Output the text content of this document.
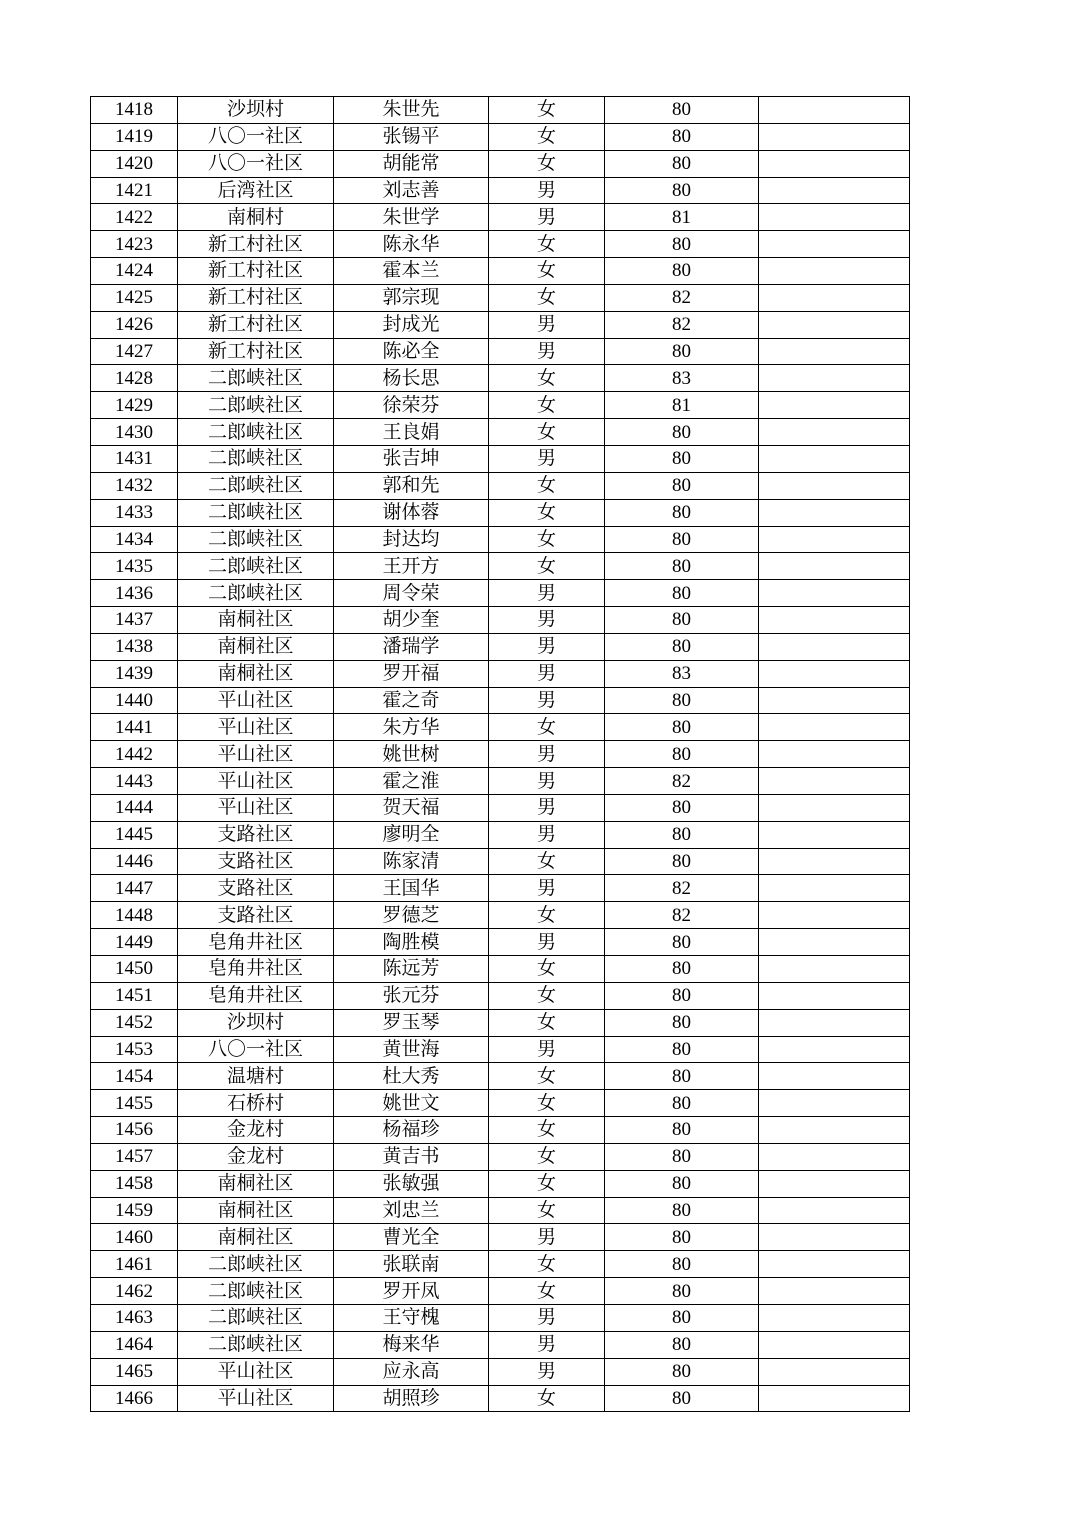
1418	沙坝村	朱世先	女	80	
1419	八〇一社区	张锡平	女	80	
1420	八〇一社区	胡能常	女	80	
1421	后湾社区	刘志善	男	80	
1422	南桐村	朱世学	男	81	
1423	新工村社区	陈永华	女	80	
1424	新工村社区	霍本兰	女	80	
1425	新工村社区	郭宗现	女	82	
1426	新工村社区	封成光	男	82	
1427	新工村社区	陈必全	男	80	
1428	二郎峡社区	杨长思	女	83	
1429	二郎峡社区	徐荣芬	女	81	
1430	二郎峡社区	王良娟	女	80	
1431	二郎峡社区	张吉坤	男	80	
1432	二郎峡社区	郭和先	女	80	
1433	二郎峡社区	谢体蓉	女	80	
1434	二郎峡社区	封达均	女	80	
1435	二郎峡社区	王开方	女	80	
1436	二郎峡社区	周令荣	男	80	
1437	南桐社区	胡少奎	男	80	
1438	南桐社区	潘瑞学	男	80	
1439	南桐社区	罗开福	男	83	
1440	平山社区	霍之奇	男	80	
1441	平山社区	朱方华	女	80	
1442	平山社区	姚世树	男	80	
1443	平山社区	霍之淮	男	82	
1444	平山社区	贺天福	男	80	
1445	支路社区	廖明全	男	80	
1446	支路社区	陈家清	女	80	
1447	支路社区	王国华	男	82	
1448	支路社区	罗德芝	女	82	
1449	皂角井社区	陶胜模	男	80	
1450	皂角井社区	陈远芳	女	80	
1451	皂角井社区	张元芬	女	80	
1452	沙坝村	罗玉琴	女	80	
1453	八〇一社区	黄世海	男	80	
1454	温塘村	杜大秀	女	80	
1455	石桥村	姚世文	女	80	
1456	金龙村	杨福珍	女	80	
1457	金龙村	黄吉书	女	80	
1458	南桐社区	张敏强	女	80	
1459	南桐社区	刘忠兰	女	80	
1460	南桐社区	曹光全	男	80	
1461	二郎峡社区	张联南	女	80	
1462	二郎峡社区	罗开凤	女	80	
1463	二郎峡社区	王守槐	男	80	
1464	二郎峡社区	梅来华	男	80	
1465	平山社区	应永高	男	80	
1466	平山社区	胡照珍	女	80	
